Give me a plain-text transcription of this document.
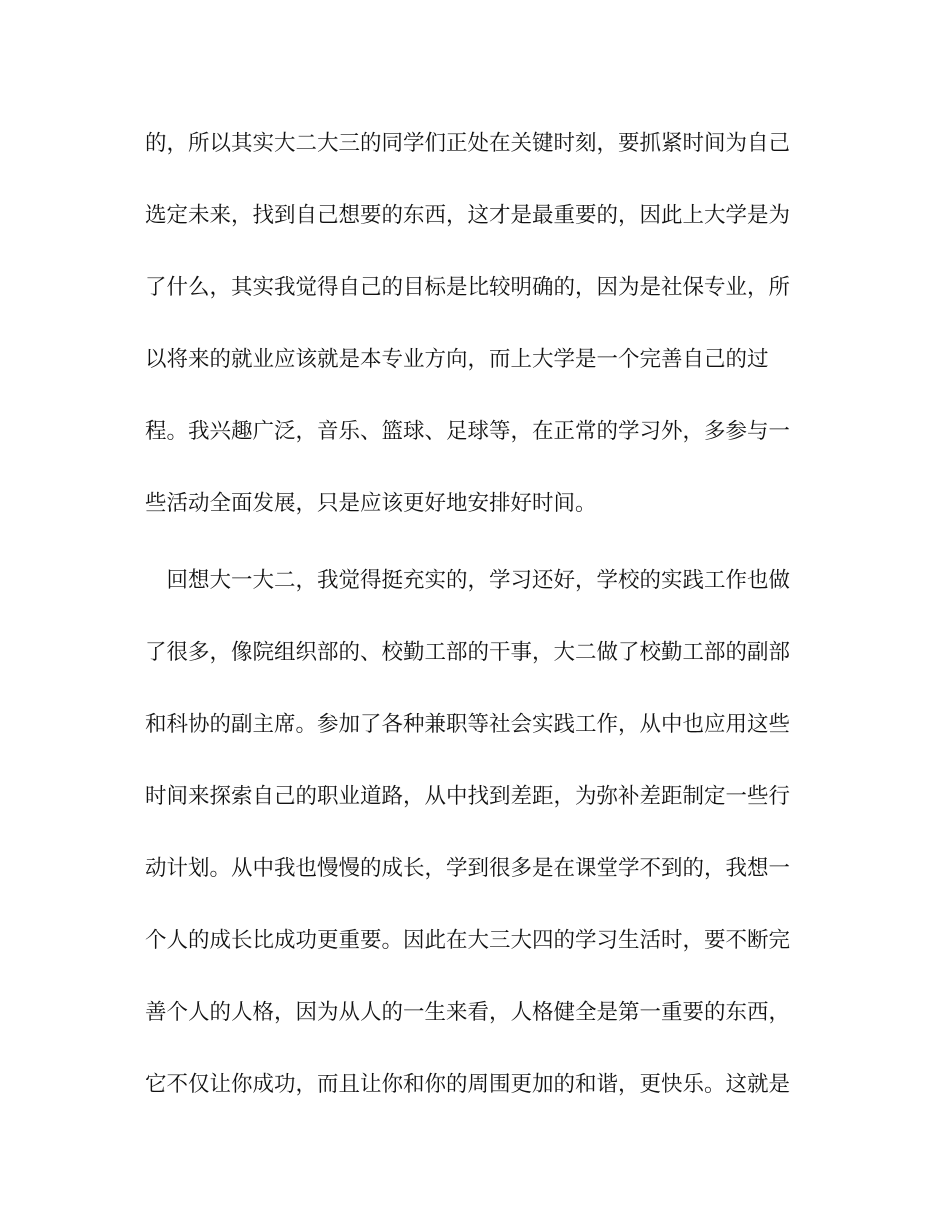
的，所以其实大二大三的同学们正处在关键时刻，要抓紧时间为自己
选定未来，找到自己想要的东西，这才是最重要的，因此上大学是为
了什么，其实我觉得自己的目标是比较明确的，因为是社保专业，所
以将来的就业应该就是本专业方向，而上大学是一个完善自己的过
程。我兴趣广泛，音乐、篮球、足球等，在正常的学习外，多参与一
些活动全面发展，只是应该更好地安排好时间。
　回想大一大二，我觉得挺充实的，学习还好，学校的实践工作也做
了很多，像院组织部的、校勤工部的干事，大二做了校勤工部的副部
和科协的副主席。参加了各种兼职等社会实践工作，从中也应用这些
时间来探索自己的职业道路，从中找到差距，为弥补差距制定一些行
动计划。从中我也慢慢的成长，学到很多是在课堂学不到的，我想一
个人的成长比成功更重要。因此在大三大四的学习生活时，要不断完
善个人的人格，因为从人的一生来看，人格健全是第一重要的东西，
它不仅让你成功，而且让你和你的周围更加的和谐，更快乐。这就是
